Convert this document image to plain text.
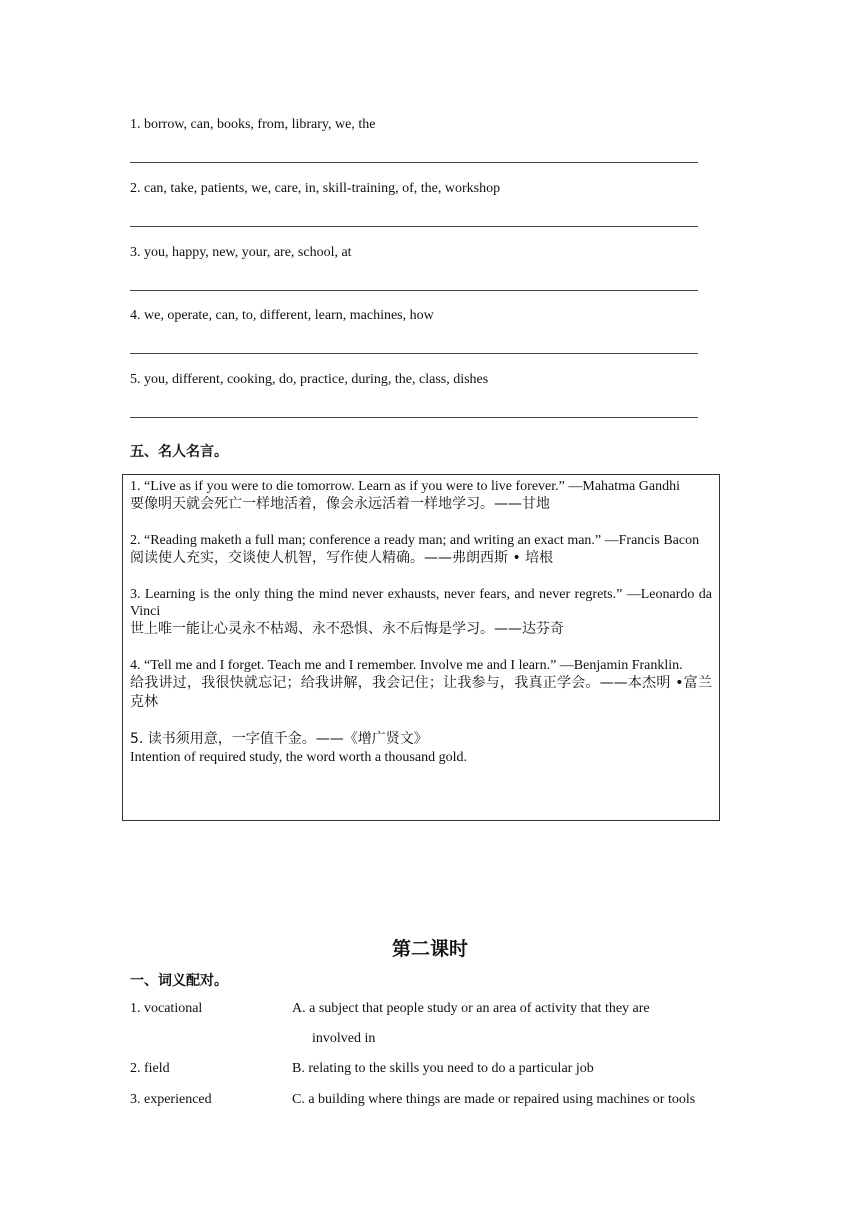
1. borrow, can, books, from, library, we, the
2. can, take, patients, we, care, in, skill-training, of, the, workshop
3. you, happy, new, your, are, school, at
4. we, operate, can, to, different, learn, machines, how
5. you, different, cooking, do, practice, during, the, class, dishes
五、名人名言。
1. “Live as if you were to die tomorrow. Learn as if you were to live forever.” —Mahatma Gandhi
要像明天就会死亡一样地活着，像会永远活着一样地学习。——甘地
2. “Reading maketh a full man; conference a ready man; and writing an exact man.” —Francis Bacon
阅读使人充实，交谈使人机智，写作使人精确。——弗朗西斯 • 培根
3. Learning is the only thing the mind never exhausts, never fears, and never regrets.” —Leonardo da Vinci
世上唯一能让心灵永不枯竭、永不恐惧、永不后悔是学习。——达芬奇
4. “Tell me and I forget. Teach me and I remember. Involve me and I learn.” —Benjamin Franklin.
给我讲过，我很快就忘记；给我讲解，我会记住；让我参与，我真正学会。——本杰明 •富兰克林
5. 读书须用意，一字值千金。——《增广贤文》
Intention of required study, the word worth a thousand gold.
第二课时
一、词义配对。
1. vocational	A. a subject that people study or an area of activity that they are
involved in
2. field	B. relating to the skills you need to do a particular job
3. experienced	C. a building where things are made or repaired using machines or tools
